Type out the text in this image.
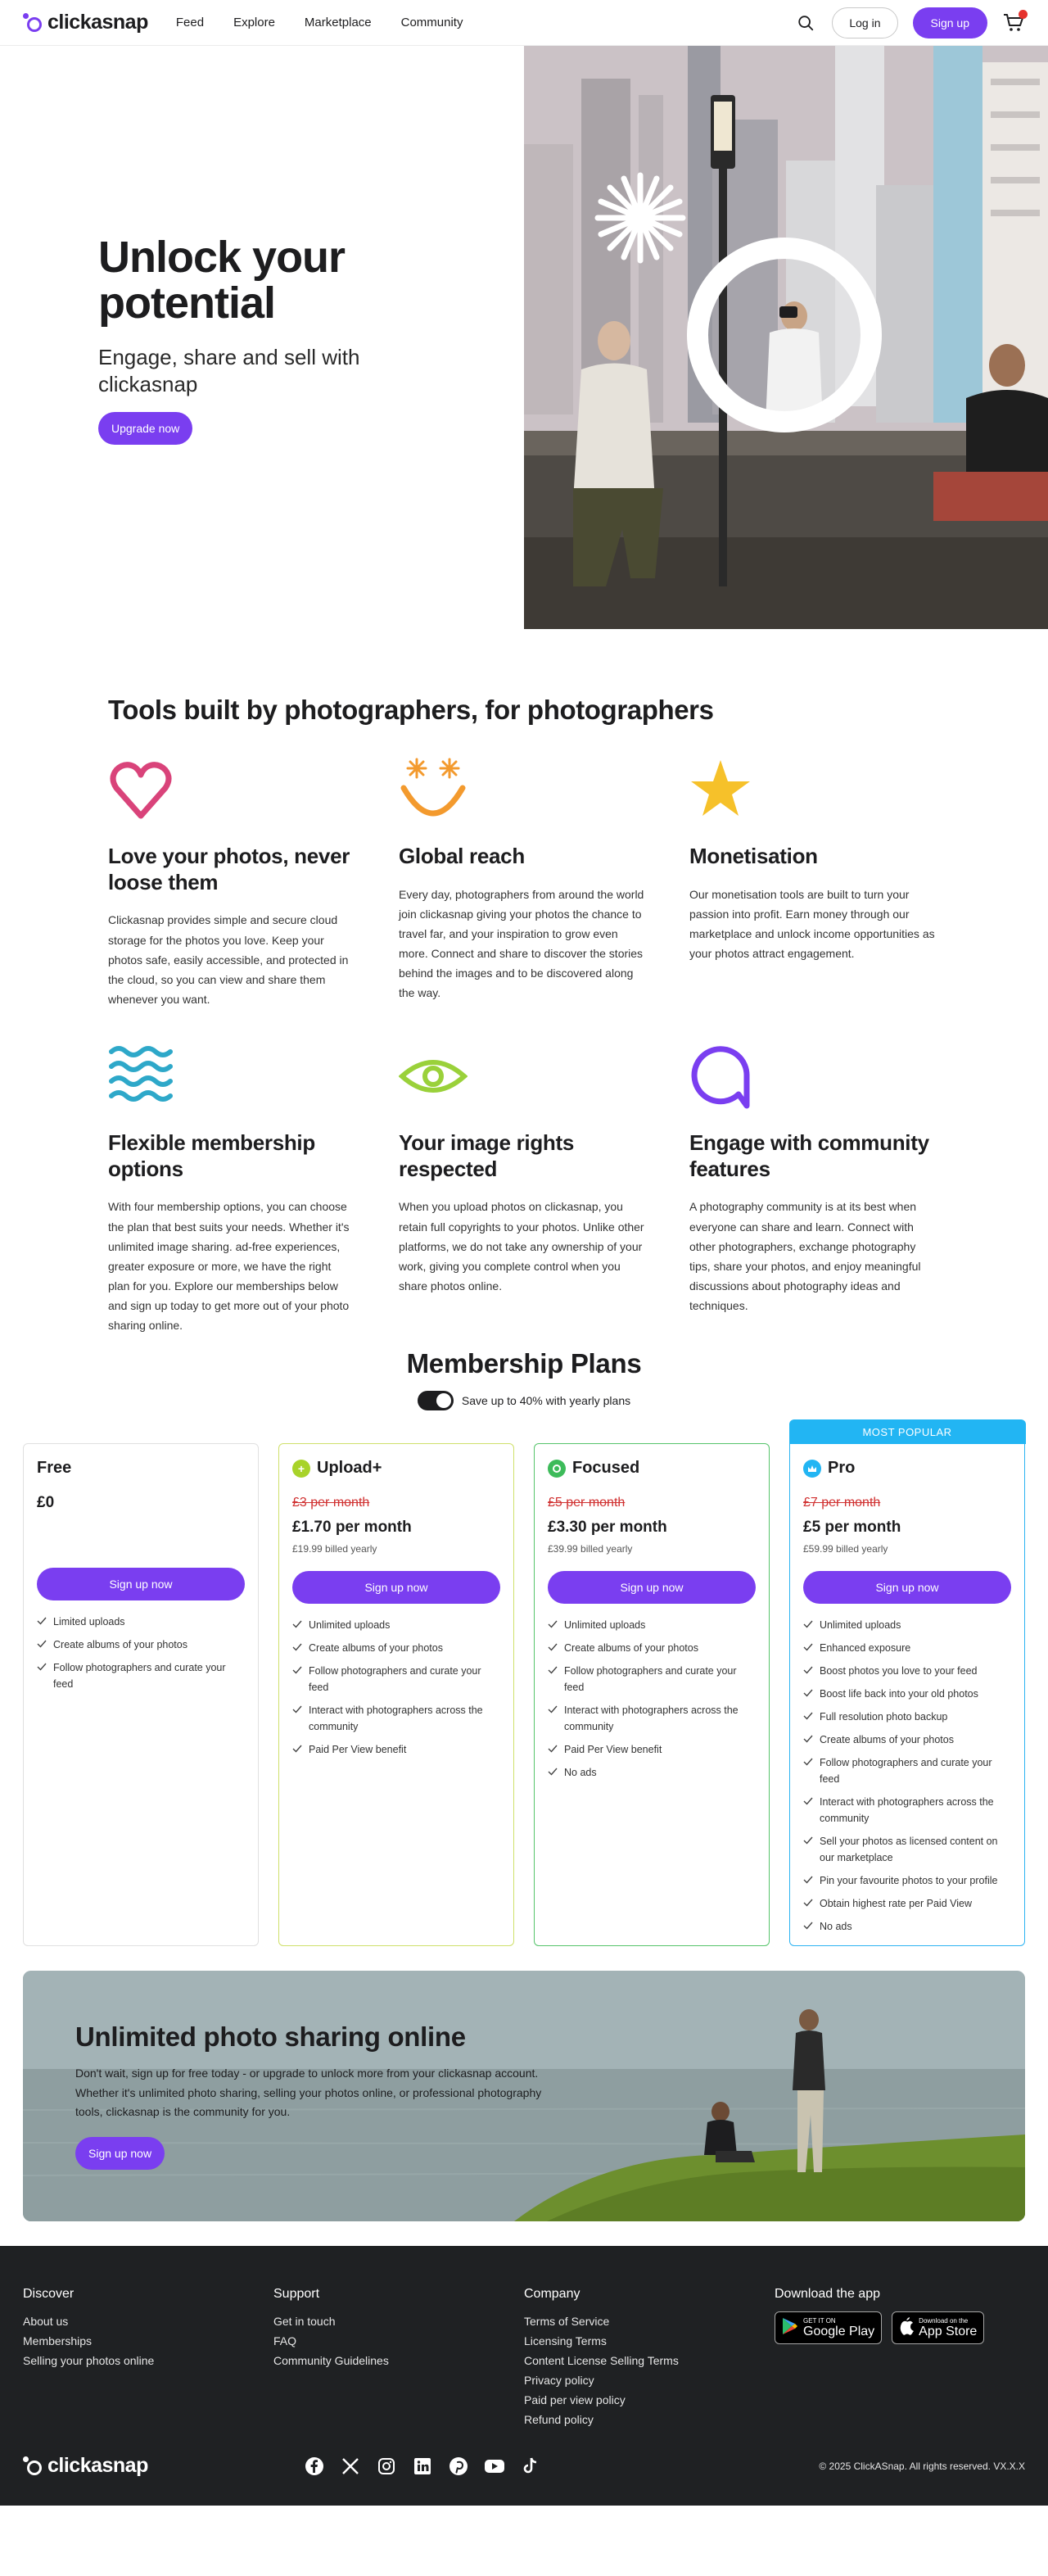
clickasnap Feed Explore Marketplace Community	Log in	Sign up
Unlock your potential

Engage, share and sell with clickasnap

Upgrade now
Tools built by photographers, for photographers
Love your photos, never loose them

Clickasnap provides simple and secure cloud storage for the photos you love. Keep your photos safe, easily accessible, and protected in the cloud, so you can view and share them whenever you want.

Global reach

Every day, photographers from around the world join clickasnap giving your photos the chance to travel far, and your inspiration to grow even more. Connect and share to discover the stories behind the images and to be discovered along the way.

Monetisation

Our monetisation tools are built to turn your passion into profit. Earn money through our marketplace and unlock income opportunities as your photos attract engagement.

Flexible membership options

With four membership options, you can choose the plan that best suits your needs. Whether it's unlimited image sharing. ad-free experiences, greater exposure or more, we have the right plan for you. Explore our memberships below and sign up today to get more out of your photo sharing online.

Your image rights respected

When you upload photos on clickasnap, you retain full copyrights to your photos. Unlike other platforms, we do not take any ownership of your work, giving you complete control when you share photos online.

Engage with community features

A photography community is at its best when everyone can share and learn. Connect with other photographers, exchange photography tips, share your photos, and enjoy meaningful discussions about photography ideas and techniques.

Membership Plans
Save up to 40% with yearly plans
Free
£0
Sign up now
Limited uploads
Create albums of your photos
Follow photographers and curate your feed
+ Upload+
£3 per month
£1.70 per month
£19.99 billed yearly
Sign up now
Unlimited uploads
Create albums of your photos
Follow photographers and curate your feed
Interact with photographers across the community
Paid Per View benefit
Focused
£5 per month
£3.30 per month
£39.99 billed yearly
Sign up now
Unlimited uploads
Create albums of your photos
Follow photographers and curate your feed
Interact with photographers across the community
Paid Per View benefit
No ads
MOST POPULAR
Pro
£7 per month
£5 per month
£59.99 billed yearly
Sign up now
Unlimited uploads
Enhanced exposure
Boost photos you love to your feed
Boost life back into your old photos
Full resolution photo backup
Create albums of your photos
Follow photographers and curate your feed
Interact with photographers across the community
Sell your photos as licensed content on our marketplace
Pin your favourite photos to your profile
Obtain highest rate per Paid View
No ads
Unlimited photo sharing online

Don't wait, sign up for free today - or upgrade to unlock more from your clickasnap account. Whether it's unlimited photo sharing, selling your photos online, or professional photography tools, clickasnap is the community for you.

Sign up now
Discover
About us
Memberships
Selling your photos online
Support
Get in touch
FAQ
Community Guidelines
Company
Terms of Service
Licensing Terms
Content License Selling Terms
Privacy policy
Paid per view policy
Refund policy
Download the app
GET IT ON
Google Play
Download on the
App Store
clickasnap	© 2025 ClickASnap. All rights reserved. VX.X.X
